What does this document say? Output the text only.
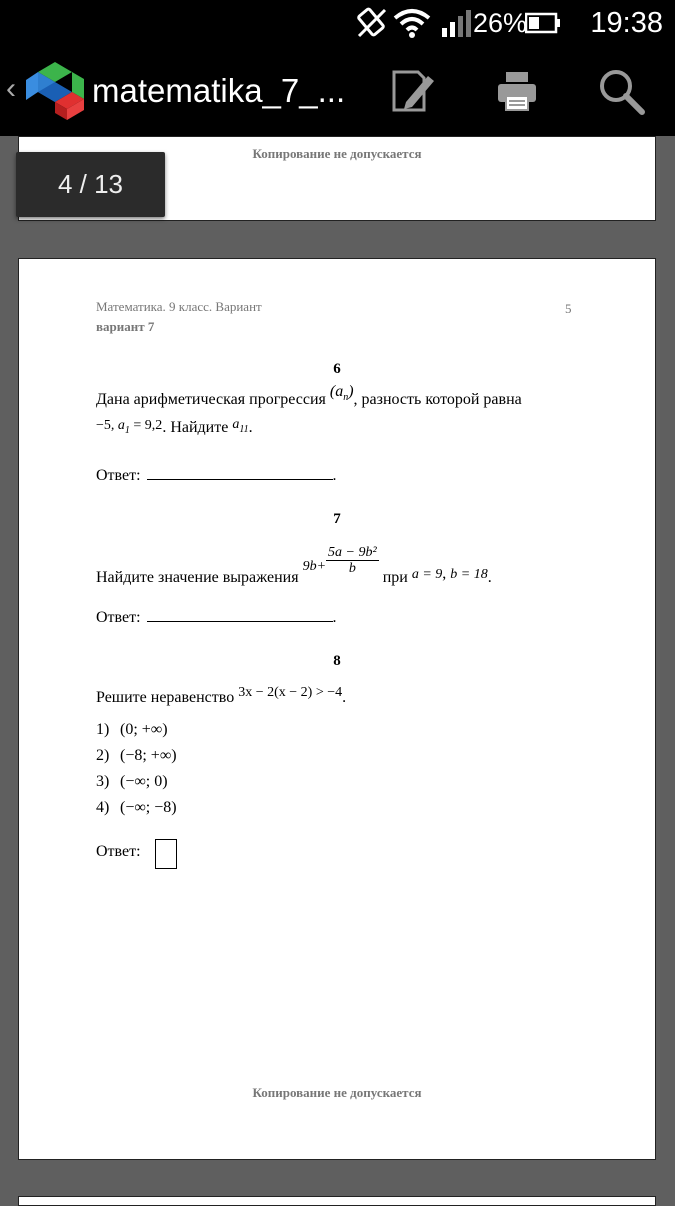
26% 19:38
‹ matematika_7_...
Копирование не допускается
4 / 13
Математика. 9 класс. Вариант
вариант 7
5
6
Дана арифметическая прогрессия $(a_n)$, разность которой равна
−5, $a_1 = 9,2$. Найдите $a_{11}$.
Ответ:	.
7
Найдите значение выражения $9b+ \frac{\text{5a − 9b²}}{b}$
при a = 9, b = 18.
Ответ:	.
8
Решите неравенство 3x − 2(x − 2) > −4.
1) (0; +∞)
2) (−8; +∞)
3) (−∞; 0)
4) (−∞; −8)
Ответ:
Копирование не допускается
